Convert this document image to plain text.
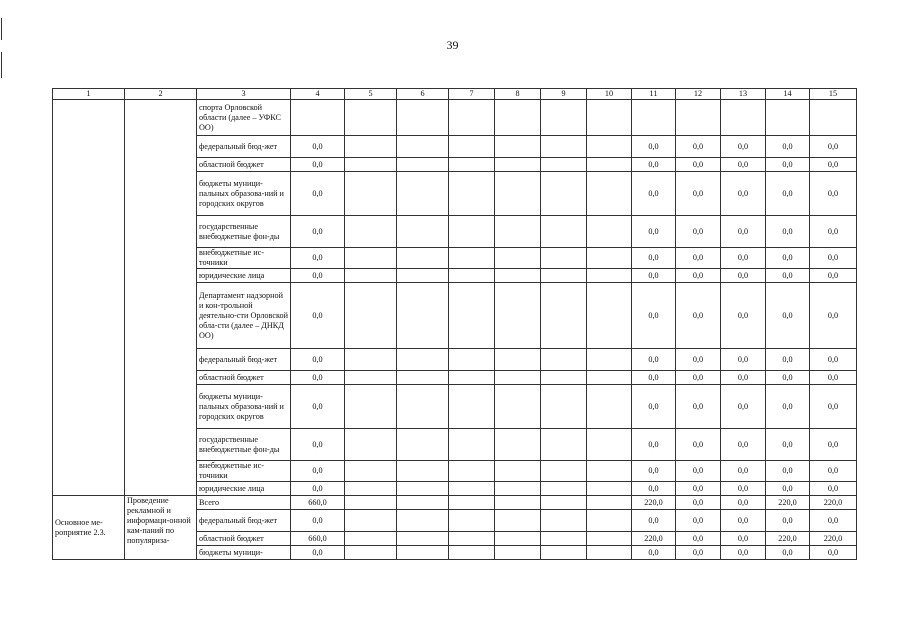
39
1	2	3	4	5	6	7	8	9	10	11	12	13	14	15
		спорта Орловской области (далее – УФКС ОО)												
		федеральный бюд-жет	0,0							0,0	0,0	0,0	0,0	0,0
		областной бюджет	0,0							0,0	0,0	0,0	0,0	0,0
		бюджеты муници-пальных образова-ний и городских округов	0,0							0,0	0,0	0,0	0,0	0,0
		государственные внебюджетные фон-ды	0,0							0,0	0,0	0,0	0,0	0,0
		внебюджетные ис-точники	0,0							0,0	0,0	0,0	0,0	0,0
		юридические лица	0,0							0,0	0,0	0,0	0,0	0,0
		Департамент надзорной и кон-трольной деятельно-сти Орловской обла-сти (далее – ДНКД ОО)	0,0							0,0	0,0	0,0	0,0	0,0
		федеральный бюд-жет	0,0							0,0	0,0	0,0	0,0	0,0
		областной бюджет	0,0							0,0	0,0	0,0	0,0	0,0
		бюджеты муници-пальных образова-ний и городских округов	0,0							0,0	0,0	0,0	0,0	0,0
		государственные внебюджетные фон-ды	0,0							0,0	0,0	0,0	0,0	0,0
		внебюджетные ис-точники	0,0							0,0	0,0	0,0	0,0	0,0
		юридические лица	0,0							0,0	0,0	0,0	0,0	0,0
Основное ме-роприятие 2.3.	Проведение рекламной и информаци-онной кам-паний по популяриза-	Всего	660,0							220,0	0,0	0,0	220,0	220,0
		федеральный бюд-жет	0,0							0,0	0,0	0,0	0,0	0,0
		областной бюджет	660,0							220,0	0,0	0,0	220,0	220,0
		бюджеты муници-	0,0							0,0	0,0	0,0	0,0	0,0
